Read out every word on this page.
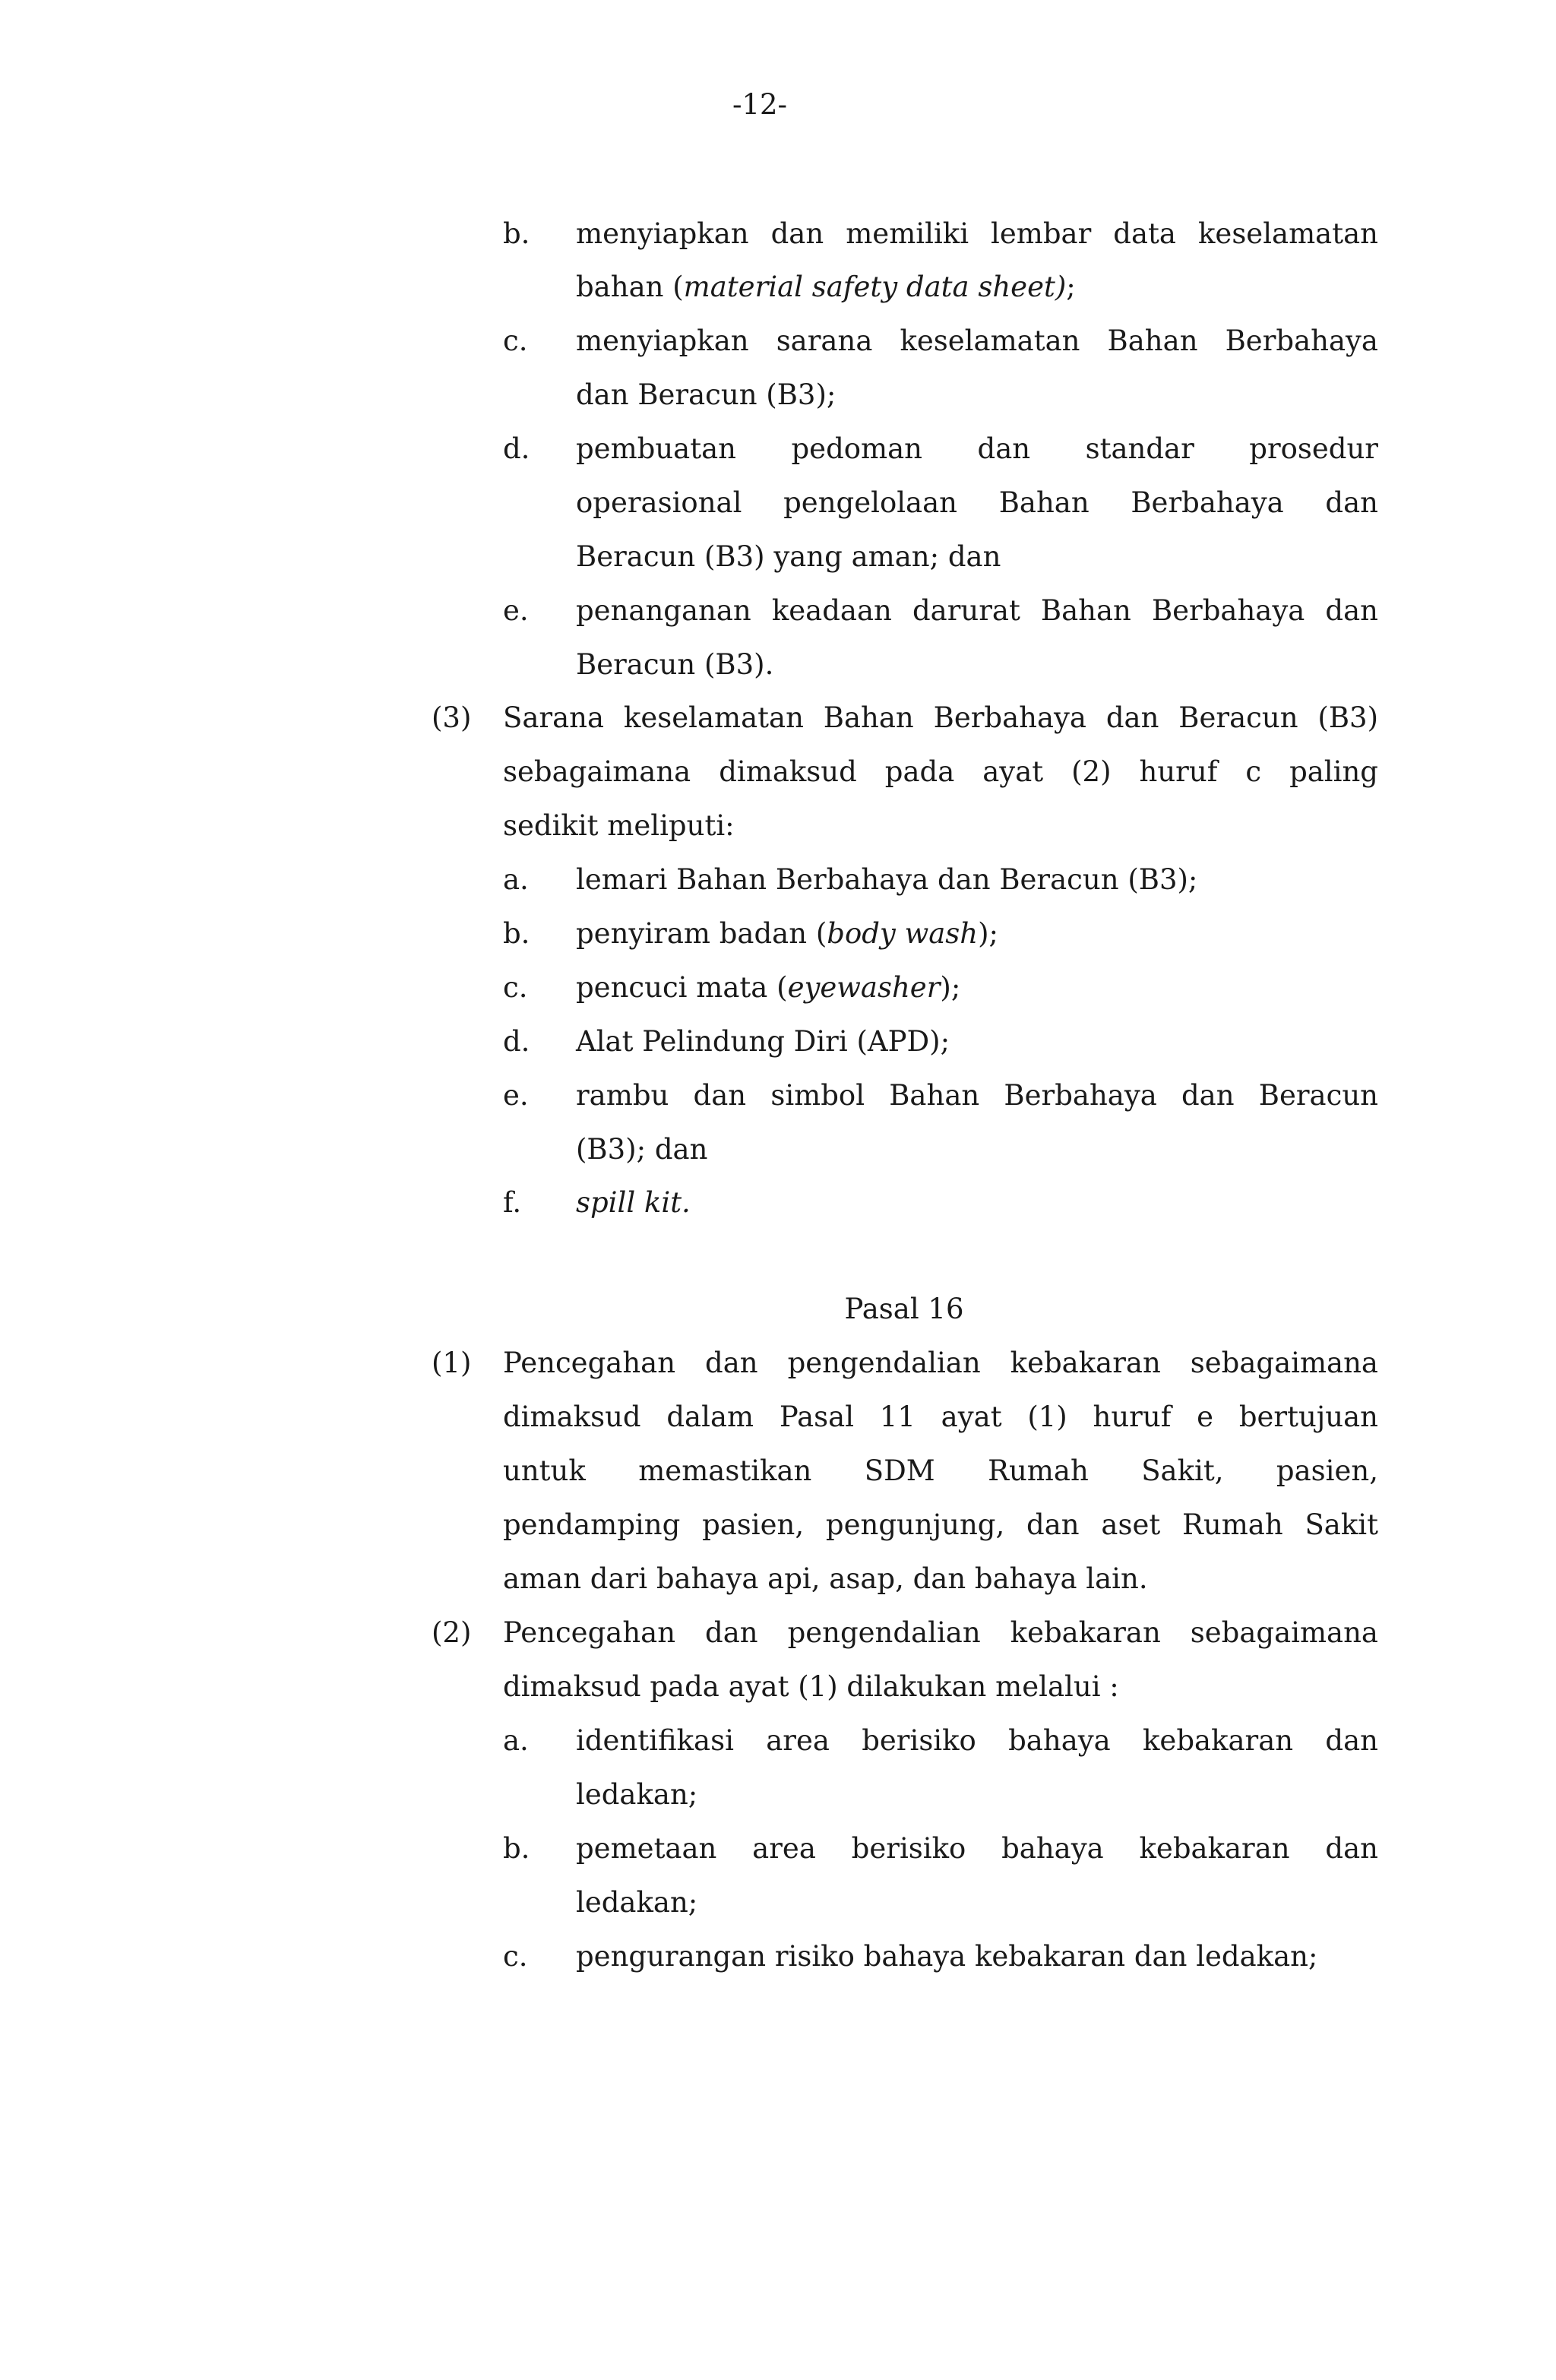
-12-
b. menyiapkan dan memiliki lembar data keselamatan
bahan (material safety data sheet);
c. menyiapkan sarana keselamatan Bahan Berbahaya
dan Beracun (B3);
d. pembuatan pedoman dan standar prosedur
operasional pengelolaan Bahan Berbahaya dan
Beracun (B3) yang aman; dan
e. penanganan keadaan darurat Bahan Berbahaya dan
Beracun (B3).
(3) Sarana keselamatan Bahan Berbahaya dan Beracun (B3)
sebagaimana dimaksud pada ayat (2) huruf c paling
sedikit meliputi:
a. lemari Bahan Berbahaya dan Beracun (B3);
b. penyiram badan (body wash);
c. pencuci mata (eyewasher);
d. Alat Pelindung Diri (APD);
e. rambu dan simbol Bahan Berbahaya dan Beracun
(B3); dan
f. spill kit.
Pasal 16
(1) Pencegahan dan pengendalian kebakaran sebagaimana
dimaksud dalam Pasal 11 ayat (1) huruf e bertujuan
untuk memastikan SDM Rumah Sakit, pasien,
pendamping pasien, pengunjung, dan aset Rumah Sakit
aman dari bahaya api, asap, dan bahaya lain.
(2) Pencegahan dan pengendalian kebakaran sebagaimana
dimaksud pada ayat (1) dilakukan melalui :
a. identifikasi area berisiko bahaya kebakaran dan
ledakan;
b. pemetaan area berisiko bahaya kebakaran dan
ledakan;
c. pengurangan risiko bahaya kebakaran dan ledakan;
